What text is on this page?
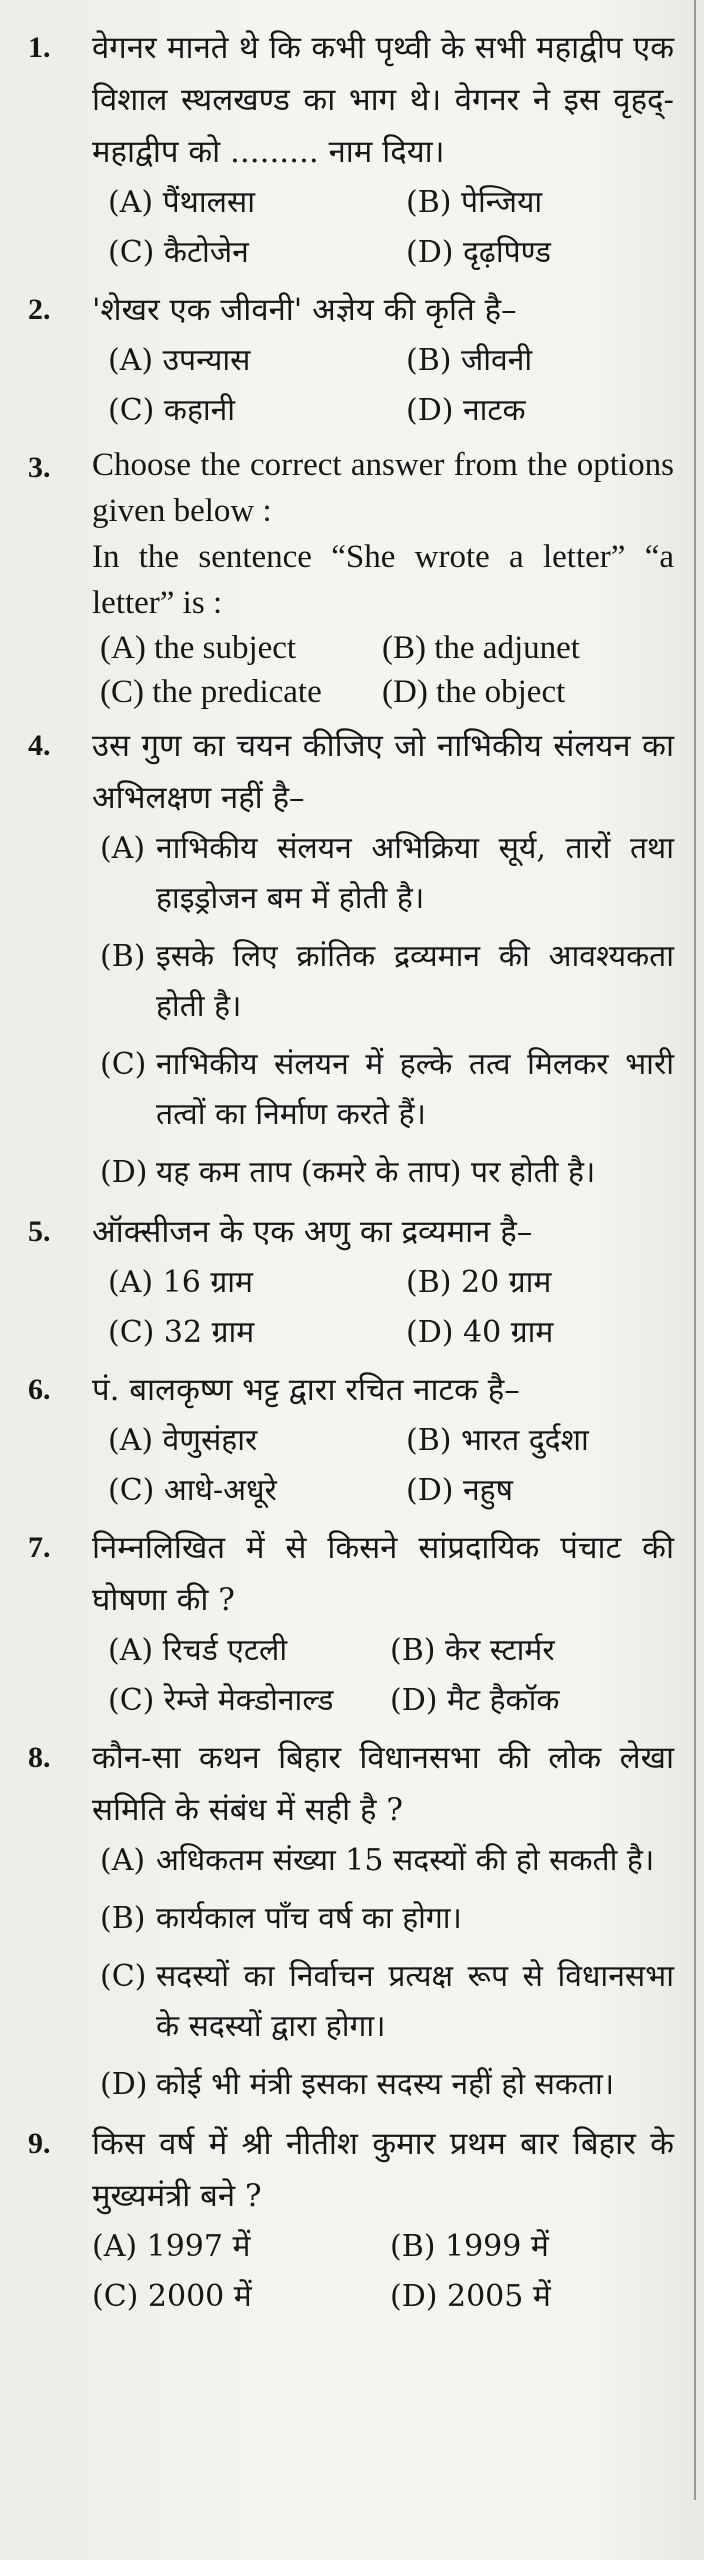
1. वेगनर मानते थे कि कभी पृथ्वी के सभी महाद्वीप एक विशाल स्थलखण्ड का भाग थे। वेगनर ने इस वृहद्-महाद्वीप को ......... नाम दिया।
(A) पैंथालसा	(B) पेन्जिया
(C) कैटोजेन	(D) दृढ़पिण्ड
2. 'शेखर एक जीवनी' अज्ञेय की कृति है–
(A) उपन्यास	(B) जीवनी
(C) कहानी	(D) नाटक
3. Choose the correct answer from the options given below :
In the sentence “She wrote a letter” “a letter” is :
(A) the subject	(B) the adjunet
(C) the predicate	(D) the object
4. उस गुण का चयन कीजिए जो नाभिकीय संलयन का अभिलक्षण नहीं है–
(A) नाभिकीय संलयन अभिक्रिया सूर्य, तारों तथा हाइड्रोजन बम में होती है।
(B) इसके लिए क्रांतिक द्रव्यमान की आवश्यकता होती है।
(C) नाभिकीय संलयन में हल्के तत्व मिलकर भारी तत्वों का निर्माण करते हैं।
(D) यह कम ताप (कमरे के ताप) पर होती है।
5. ऑक्सीजन के एक अणु का द्रव्यमान है–
(A) 16 ग्राम	(B) 20 ग्राम
(C) 32 ग्राम	(D) 40 ग्राम
6. पं. बालकृष्ण भट्ट द्वारा रचित नाटक है–
(A) वेणुसंहार	(B) भारत दुर्दशा
(C) आधे-अधूरे	(D) नहुष
7. निम्नलिखित में से किसने सांप्रदायिक पंचाट की घोषणा की ?
(A) रिचर्ड एटली	(B) केर स्टार्मर
(C) रेम्जे मेक्डोनाल्ड	(D) मैट हैकॉक
8. कौन-सा कथन बिहार विधानसभा की लोक लेखा समिति के संबंध में सही है ?
(A) अधिकतम संख्या 15 सदस्यों की हो सकती है।
(B) कार्यकाल पाँच वर्ष का होगा।
(C) सदस्यों का निर्वाचन प्रत्यक्ष रूप से विधानसभा के सदस्यों द्वारा होगा।
(D) कोई भी मंत्री इसका सदस्य नहीं हो सकता।
9. किस वर्ष में श्री नीतीश कुमार प्रथम बार बिहार के मुख्यमंत्री बने ?
(A) 1997 में	(B) 1999 में
(C) 2000 में	(D) 2005 में
